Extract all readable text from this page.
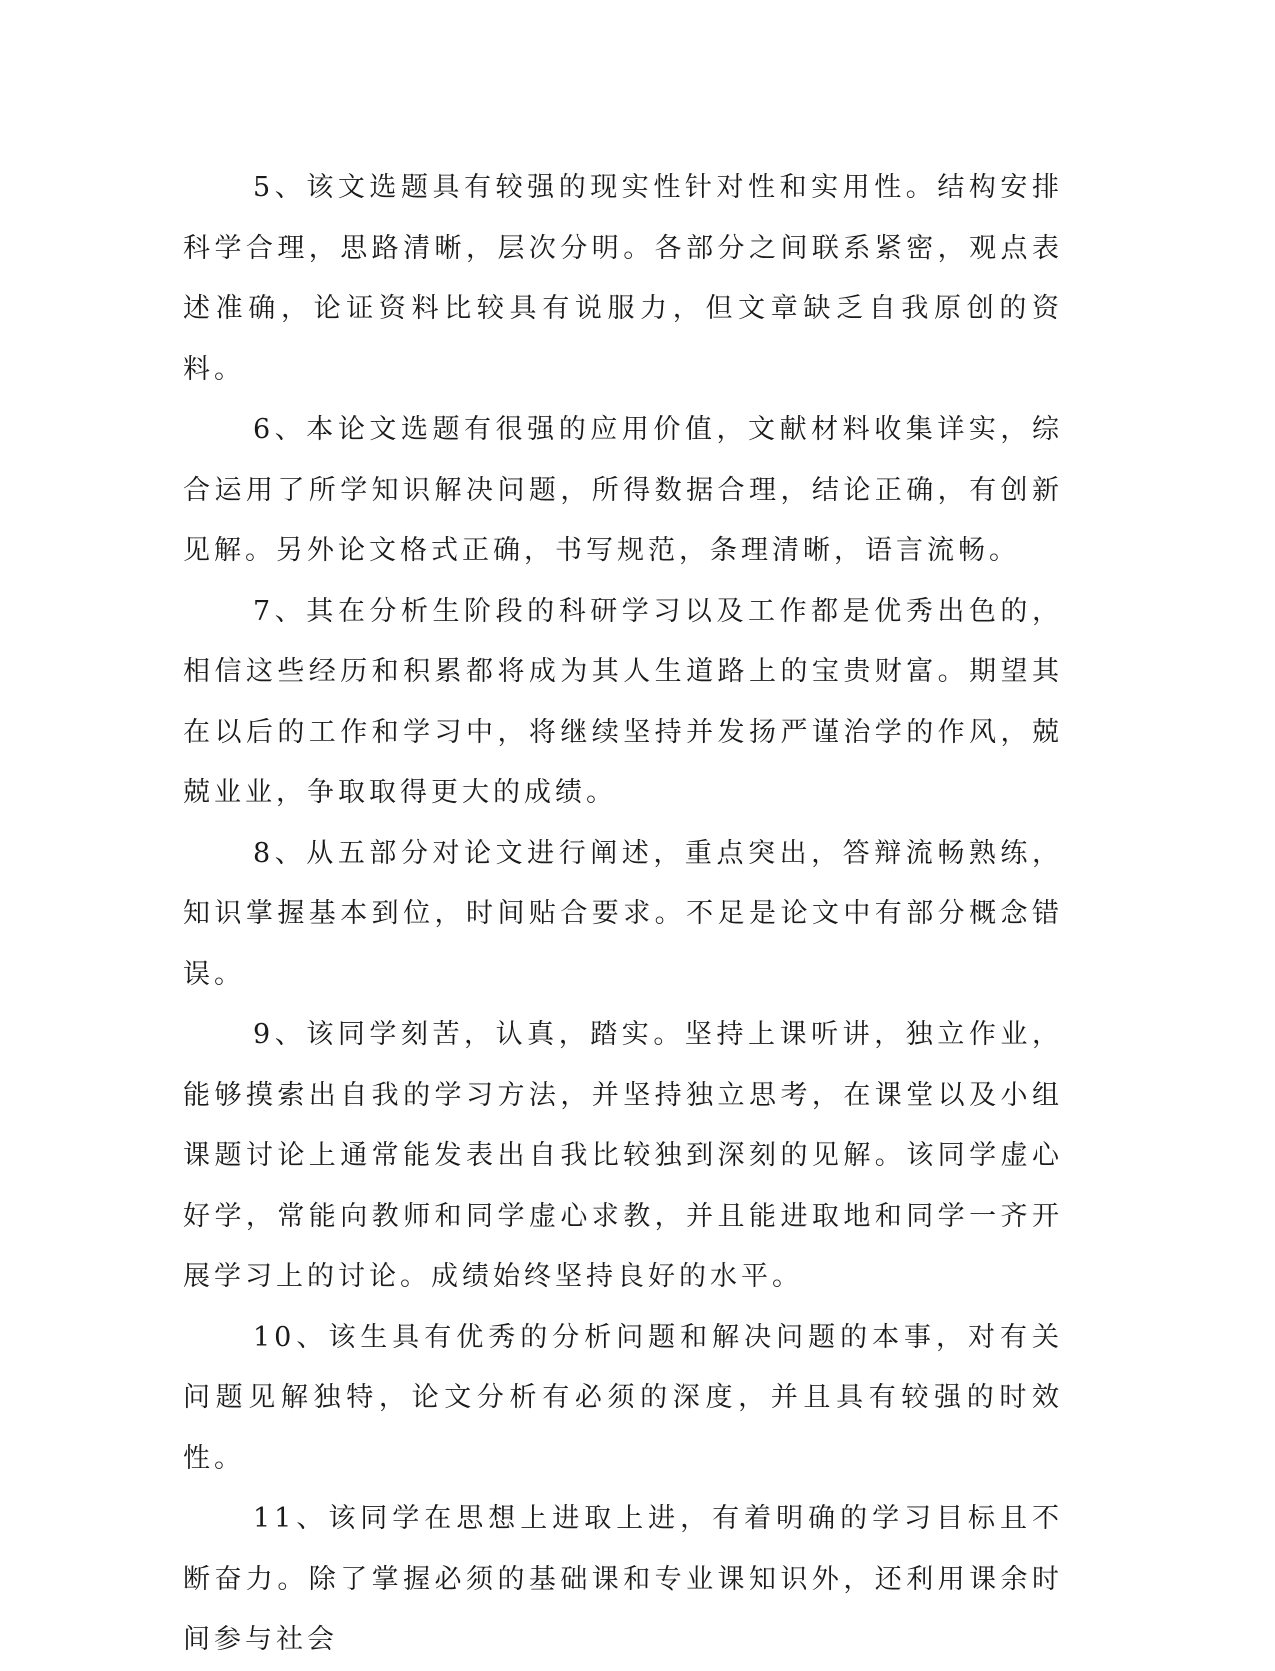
5、该文选题具有较强的现实性针对性和实用性。结构安排科学合理，思路清晰，层次分明。各部分之间联系紧密，观点表述准确，论证资料比较具有说服力，但文章缺乏自我原创的资料。

6、本论文选题有很强的应用价值，文献材料收集详实，综合运用了所学知识解决问题，所得数据合理，结论正确，有创新见解。另外论文格式正确，书写规范，条理清晰，语言流畅。

7、其在分析生阶段的科研学习以及工作都是优秀出色的，相信这些经历和积累都将成为其人生道路上的宝贵财富。期望其在以后的工作和学习中，将继续坚持并发扬严谨治学的作风，兢兢业业，争取取得更大的成绩。

8、从五部分对论文进行阐述，重点突出，答辩流畅熟练，知识掌握基本到位，时间贴合要求。不足是论文中有部分概念错误。

9、该同学刻苦，认真，踏实。坚持上课听讲，独立作业，能够摸索出自我的学习方法，并坚持独立思考，在课堂以及小组课题讨论上通常能发表出自我比较独到深刻的见解。该同学虚心好学，常能向教师和同学虚心求教，并且能进取地和同学一齐开展学习上的讨论。成绩始终坚持良好的水平。

10、该生具有优秀的分析问题和解决问题的本事，对有关问题见解独特，论文分析有必须的深度，并且具有较强的时效性。

11、该同学在思想上进取上进，有着明确的学习目标且不断奋力。除了掌握必须的基础课和专业课知识外，还利用课余时间参与社会
